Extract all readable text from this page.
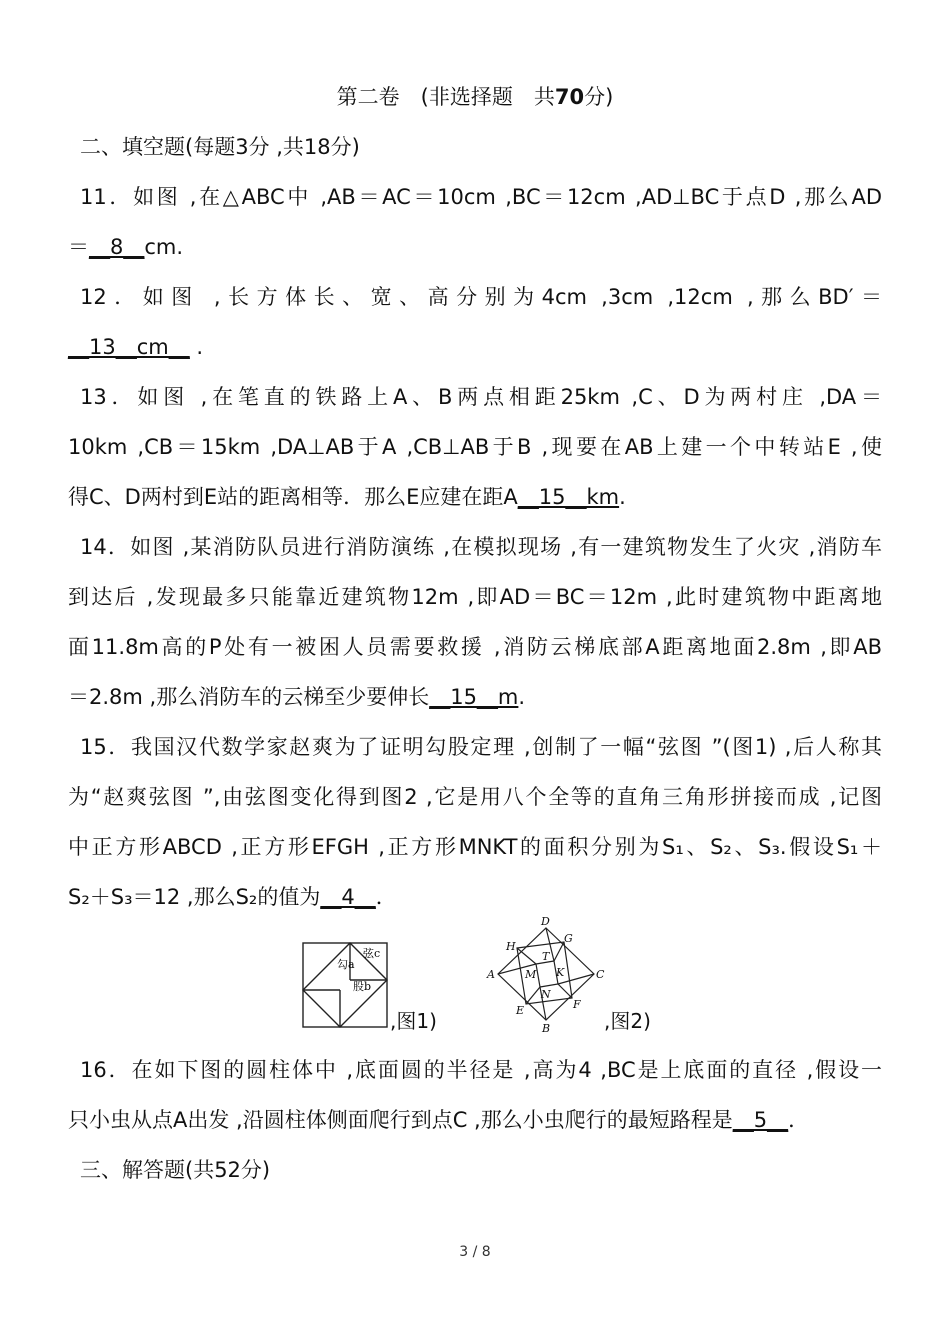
第二卷　(非选择题　共70分)
二、填空题(每题3分 ,共18分)
11．如图 ,在△ABC中 ,AB＝AC＝10cm ,BC＝12cm ,AD⊥BC于点D ,那么AD
＝__8__cm.
12．如图 ,长方体长、宽、高分别为4cm ,3cm ,12cm ,那么BD′＝
__13__cm__ .
13．如图 ,在笔直的铁路上A、B两点相距25km ,C、D为两村庄 ,DA＝
10km ,CB＝15km ,DA⊥AB于A ,CB⊥AB于B ,现要在AB上建一个中转站E ,使
得C、D两村到E站的距离相等．那么E应建在距A__15__km.
14．如图 ,某消防队员进行消防演练 ,在模拟现场 ,有一建筑物发生了火灾 ,消防车
到达后 ,发现最多只能靠近建筑物12m ,即AD＝BC＝12m ,此时建筑物中距离地
面11.8m高的P处有一被困人员需要救援 ,消防云梯底部A距离地面2.8m ,即AB
＝2.8m ,那么消防车的云梯至少要伸长__15__m.
15．我国汉代数学家赵爽为了证明勾股定理 ,创制了一幅“弦图 ”(图1) ,后人称其
为“赵爽弦图 ”,由弦图变化得到图2 ,它是用八个全等的直角三角形拼接而成 ,记图
中正方形ABCD ,正方形EFGH ,正方形MNKT的面积分别为S₁、S₂、S₃.假设S₁＋
S₂＋S₃＝12 ,那么S₂的值为__4__．
弦c
勾a
股b
,图1)
D
A	C
B
H
G
F
E
M
T
K
N
,图2)
16．在如下图的圆柱体中 ,底面圆的半径是 ,高为4 ,BC是上底面的直径 ,假设一
只小虫从点A出发 ,沿圆柱体侧面爬行到点C ,那么小虫爬行的最短路程是__5__．
三、解答题(共52分)
3 / 8
